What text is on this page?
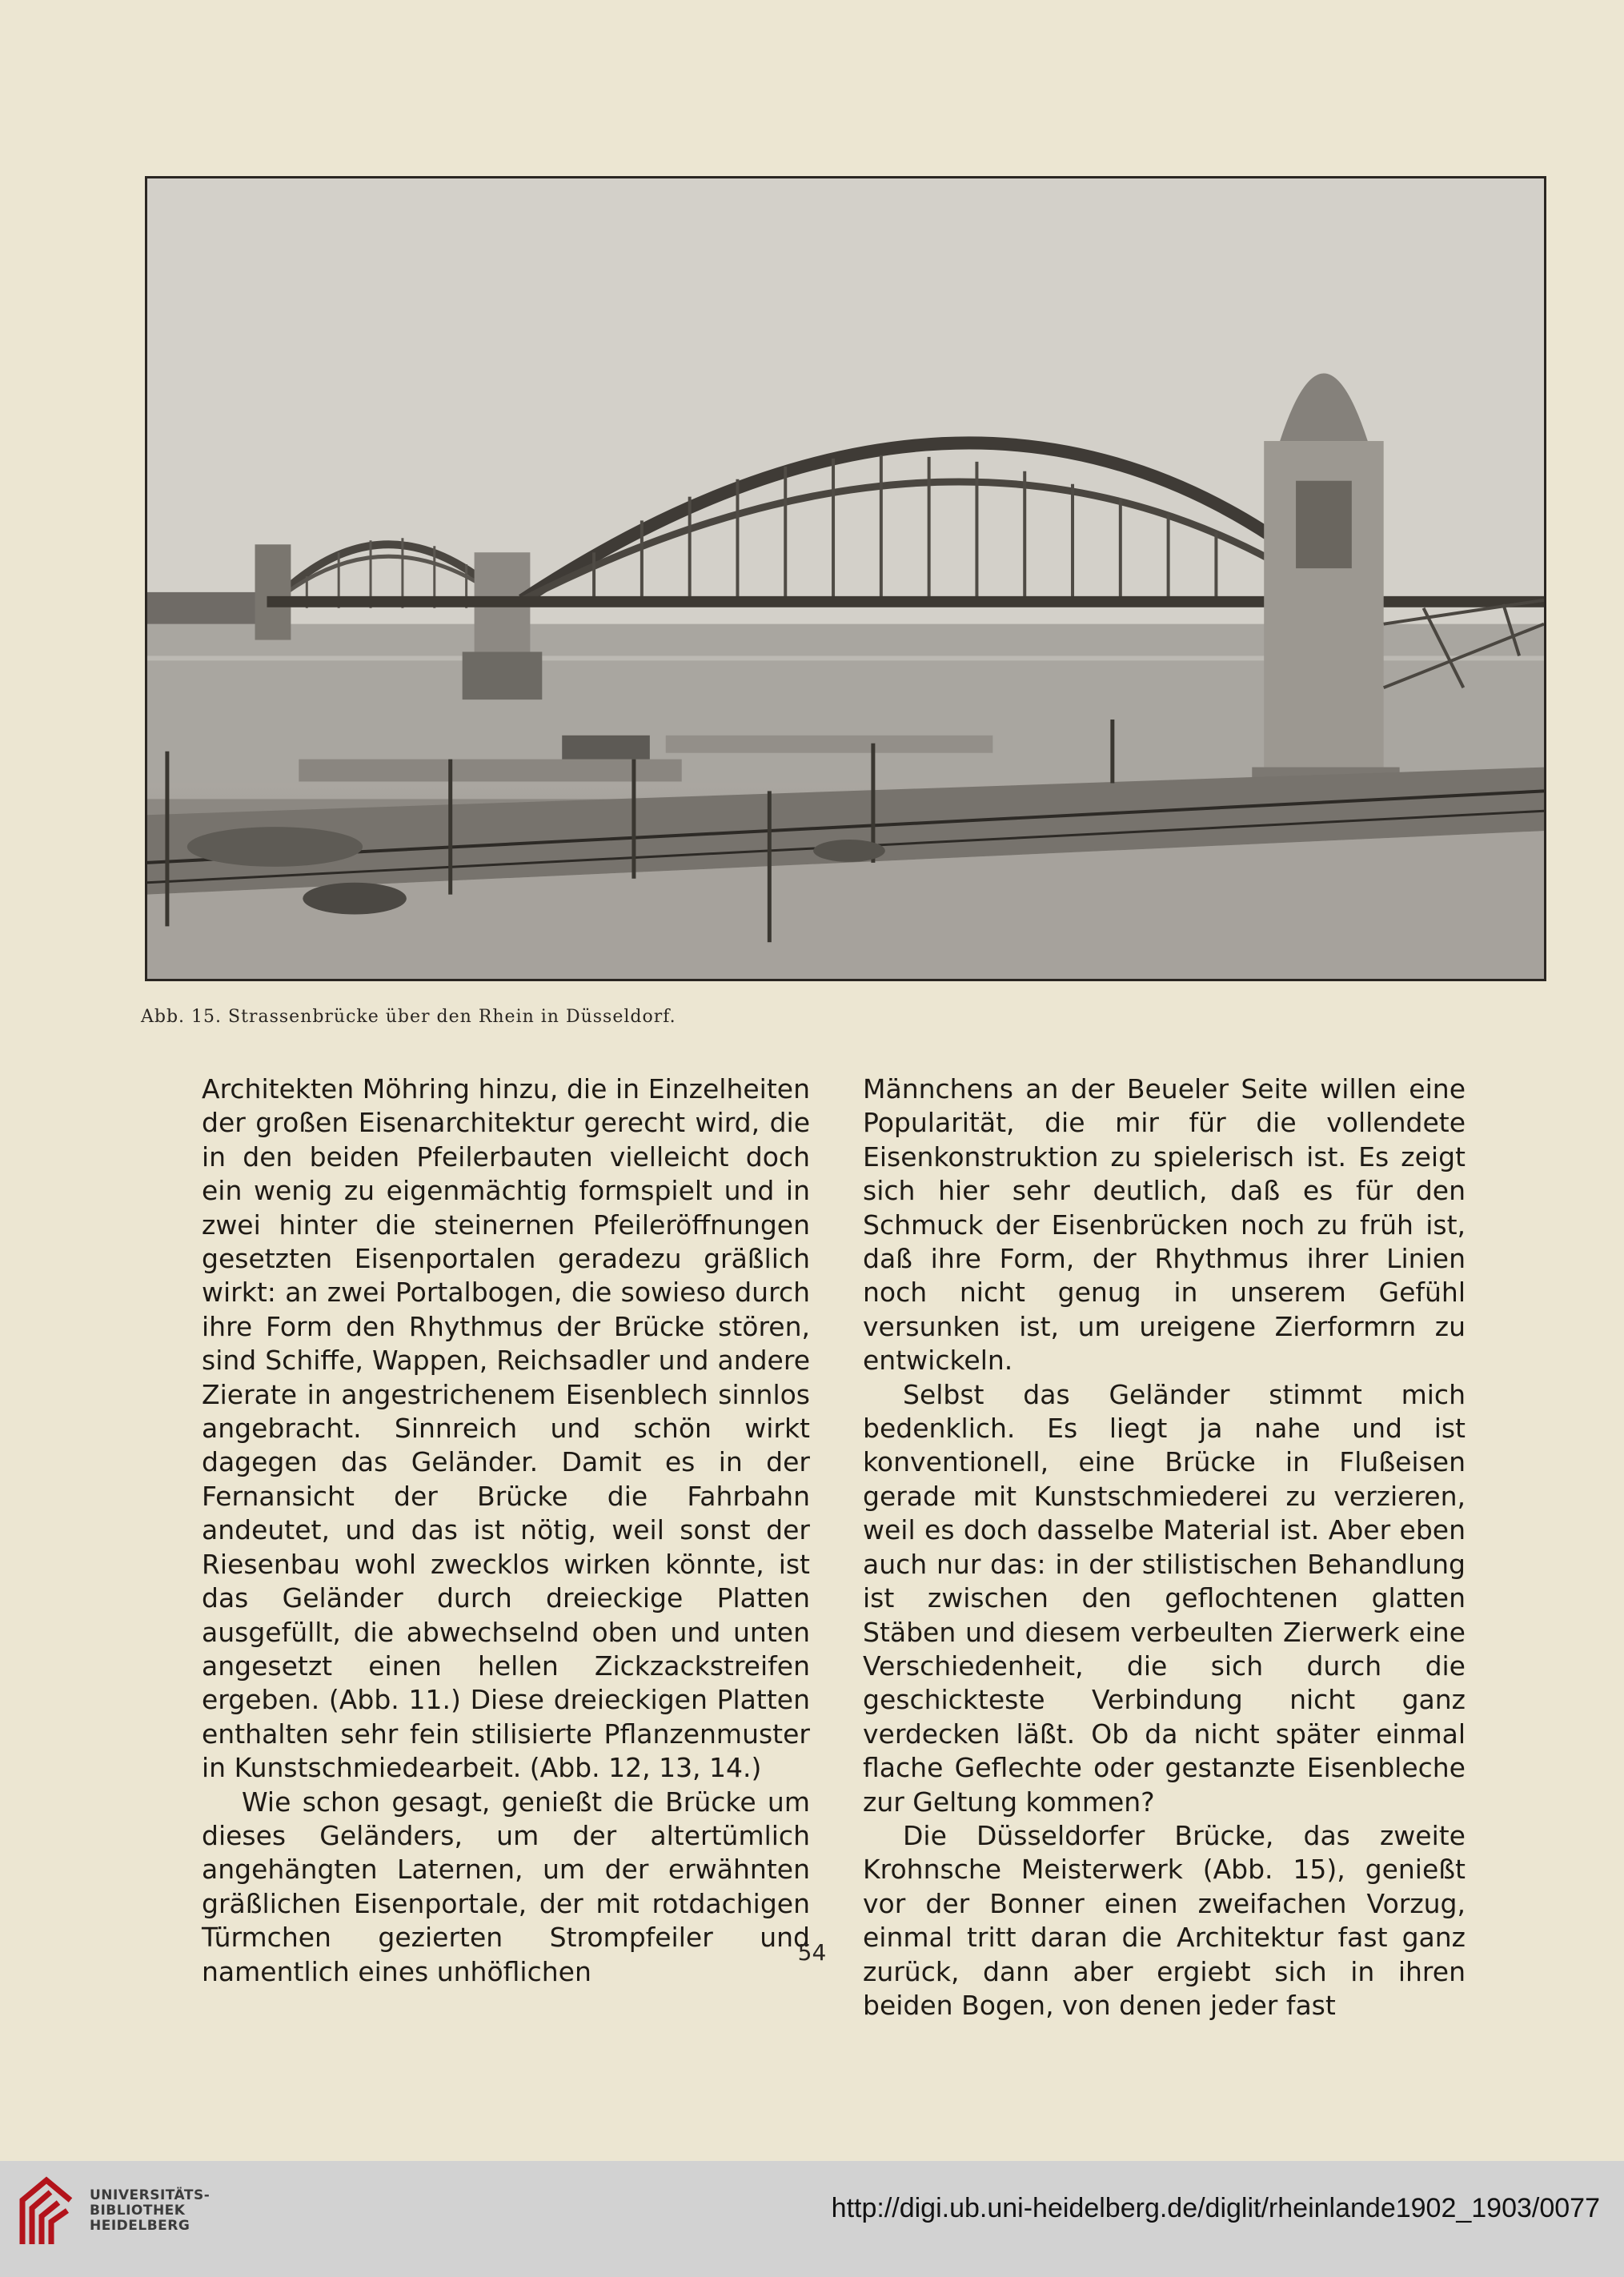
Abb. 15. Strassenbrücke über den Rhein in Düsseldorf.

Architekten Möhring hinzu, die in Einzelheiten der großen Eisenarchitektur gerecht wird, die in den beiden Pfeilerbauten vielleicht doch ein wenig zu eigenmächtig formspielt und in zwei hinter die steinernen Pfeileröffnungen gesetzten Eisenportalen geradezu gräßlich wirkt: an zwei Portalbogen, die sowieso durch ihre Form den Rhythmus der Brücke stören, sind Schiffe, Wappen, Reichsadler und andere Zierate in angestrichenem Eisenblech sinnlos angebracht. Sinnreich und schön wirkt dagegen das Geländer. Damit es in der Fernansicht der Brücke die Fahrbahn andeutet, und das ist nötig, weil sonst der Riesenbau wohl zwecklos wirken könnte, ist das Geländer durch dreieckige Platten ausgefüllt, die abwechselnd oben und unten angesetzt einen hellen Zickzackstreifen ergeben. (Abb. 11.) Diese dreieckigen Platten enthalten sehr fein stilisierte Pflanzenmuster in Kunstschmiedearbeit. (Abb. 12, 13, 14.)

Wie schon gesagt, genießt die Brücke um dieses Geländers, um der altertümlich angehängten Laternen, um der erwähnten gräßlichen Eisenportale, der mit rotdachigen Türmchen gezierten Strompfeiler und namentlich eines unhöflichen

Männchens an der Beueler Seite willen eine Popularität, die mir für die vollendete Eisenkonstruktion zu spielerisch ist. Es zeigt sich hier sehr deutlich, daß es für den Schmuck der Eisenbrücken noch zu früh ist, daß ihre Form, der Rhythmus ihrer Linien noch nicht genug in unserem Gefühl versunken ist, um ureigene Zierformrn zu entwickeln.

Selbst das Geländer stimmt mich bedenklich. Es liegt ja nahe und ist konventionell, eine Brücke in Flußeisen gerade mit Kunstschmiederei zu verzieren, weil es doch dasselbe Material ist. Aber eben auch nur das: in der stilistischen Behandlung ist zwischen den geflochtenen glatten Stäben und diesem verbeulten Zierwerk eine Verschiedenheit, die sich durch die geschickteste Verbindung nicht ganz verdecken läßt. Ob da nicht später einmal flache Geflechte oder gestanzte Eisenbleche zur Geltung kommen?

Die Düsseldorfer Brücke, das zweite Krohnsche Meisterwerk (Abb. 15), genießt vor der Bonner einen zweifachen Vorzug, einmal tritt daran die Architektur fast ganz zurück, dann aber ergiebt sich in ihren beiden Bogen, von denen jeder fast

54
UNIVERSITÄTS-
BIBLIOTHEK
HEIDELBERG
http://digi.ub.uni-heidelberg.de/diglit/rheinlande1902_1903/0077
